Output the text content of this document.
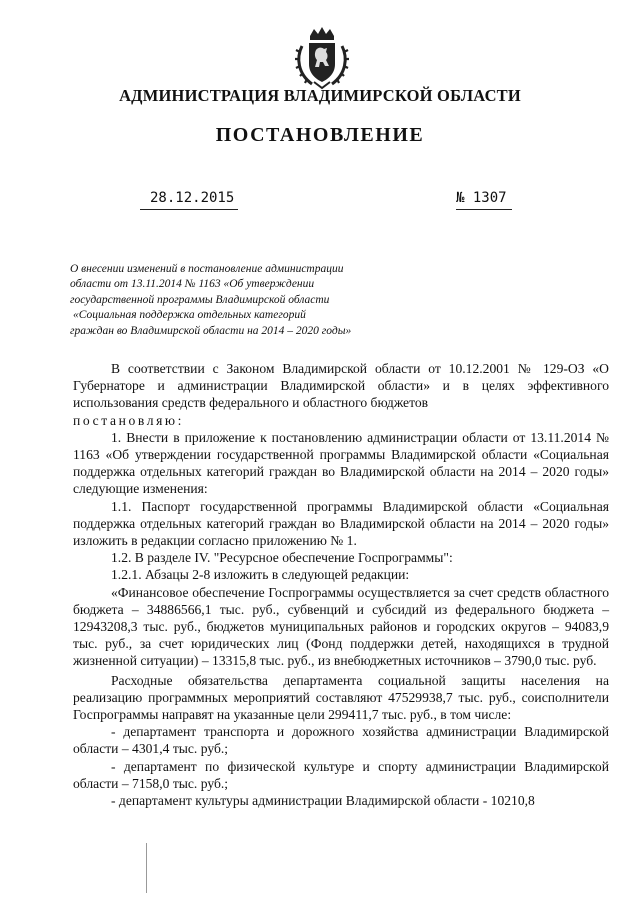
АДМИНИСТРАЦИЯ ВЛАДИМИРСКОЙ ОБЛАСТИ
ПОСТАНОВЛЕНИЕ
28.12.2015	№ 1307
О внесении изменений в постановление администрации
области от 13.11.2014 № 1163 «Об утверждении
государственной программы Владимирской области
«Социальная поддержка отдельных категорий
граждан во Владимирской области на 2014 – 2020 годы»

В соответствии с Законом Владимирской области от 10.12.2001 № 129-ОЗ «О Губернаторе и администрации Владимирской области» и в целях эффективного использования средств федерального и областного бюджетов

постановляю:

1. Внести в приложение к постановлению администрации области от 13.11.2014 № 1163 «Об утверждении государственной программы Владимирской области «Социальная поддержка отдельных категорий граждан во Владимирской области на 2014 – 2020 годы» следующие изменения:

1.1. Паспорт государственной программы Владимирской области «Социальная поддержка отдельных категорий граждан во Владимирской области на 2014 – 2020 годы» изложить в редакции согласно приложению № 1.

1.2. В разделе IV. "Ресурсное обеспечение Госпрограммы":

1.2.1. Абзацы 2-8 изложить в следующей редакции:

«Финансовое обеспечение Госпрограммы осуществляется за счет средств областного бюджета – 34886566,1 тыс. руб., субвенций и субсидий из федерального бюджета – 12943208,3 тыс. руб., бюджетов муниципальных районов и городских округов – 94083,9 тыс. руб., за счет юридических лиц (Фонд поддержки детей, находящихся в трудной жизненной ситуации) – 13315,8 тыс. руб., из внебюджетных источников – 3790,0 тыс. руб.

Расходные обязательства департамента социальной защиты населения на реализацию программных мероприятий составляют 47529938,7 тыс. руб., соисполнители Госпрограммы направят на указанные цели 299411,7 тыс. руб., в том числе:

- департамент транспорта и дорожного хозяйства администрации Владимирской области – 4301,4 тыс. руб.;

- департамент по физической культуре и спорту администрации Владимирской области – 7158,0 тыс. руб.;

- департамент культуры администрации Владимирской области - 10210,8
